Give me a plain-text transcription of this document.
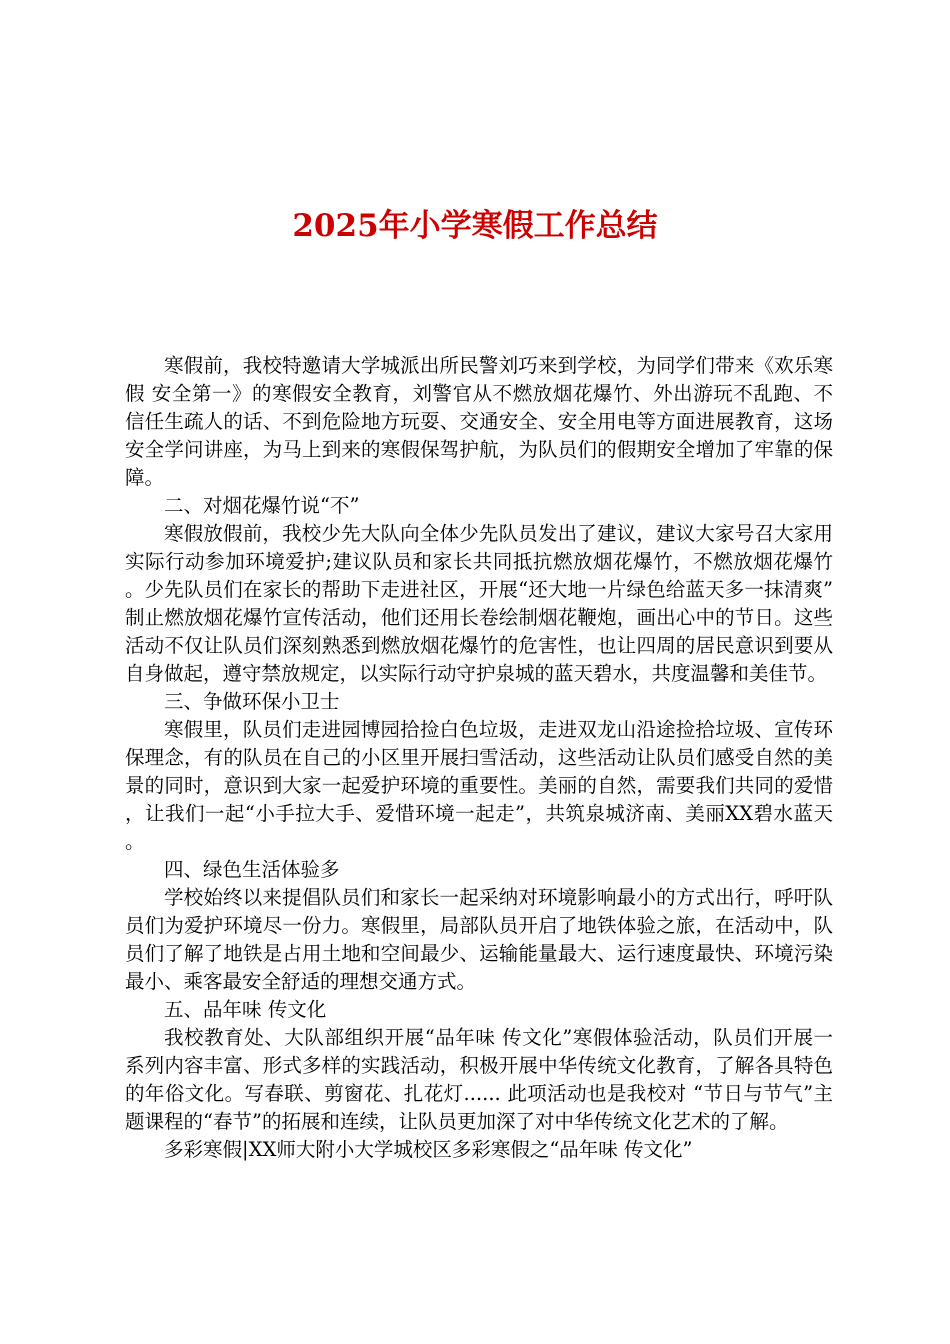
2025年小学寒假工作总结

寒假前，我校特邀请大学城派出所民警刘巧来到学校，为同学们带来《欢乐寒假 安全第一》的寒假安全教育，刘警官从不燃放烟花爆竹、外出游玩不乱跑、不信任生疏人的话、不到危险地方玩耍、交通安全、安全用电等方面进展教育，这场安全学问讲座，为马上到来的寒假保驾护航，为队员们的假期安全增加了牢靠的保障。

二、对烟花爆竹说“不”

寒假放假前，我校少先大队向全体少先队员发出了建议，建议大家号召大家用实际行动参加环境爱护;建议队员和家长共同抵抗燃放烟花爆竹，不燃放烟花爆竹。少先队员们在家长的帮助下走进社区，开展“还大地一片绿色给蓝天多一抹清爽”制止燃放烟花爆竹宣传活动，他们还用长卷绘制烟花鞭炮，画出心中的节日。这些活动不仅让队员们深刻熟悉到燃放烟花爆竹的危害性，也让四周的居民意识到要从自身做起，遵守禁放规定，以实际行动守护泉城的蓝天碧水，共度温馨和美佳节。

三、争做环保小卫士

寒假里，队员们走进园博园拾捡白色垃圾，走进双龙山沿途捡拾垃圾、宣传环保理念，有的队员在自己的小区里开展扫雪活动，这些活动让队员们感受自然的美景的同时，意识到大家一起爱护环境的重要性。美丽的自然，需要我们共同的爱惜，让我们一起“小手拉大手、爱惜环境一起走”，共筑泉城济南、美丽XX碧水蓝天。

四、绿色生活体验多

学校始终以来提倡队员们和家长一起采纳对环境影响最小的方式出行，呼吁队员们为爱护环境尽一份力。寒假里，局部队员开启了地铁体验之旅，在活动中，队员们了解了地铁是占用土地和空间最少、运输能量最大、运行速度最快、环境污染最小、乘客最安全舒适的理想交通方式。

五、品年味 传文化

我校教育处、大队部组织开展“品年味 传文化”寒假体验活动，队员们开展一系列内容丰富、形式多样的实践活动，积极开展中华传统文化教育，了解各具特色的年俗文化。写春联、剪窗花、扎花灯...... 此项活动也是我校对 “节日与节气”主题课程的“春节”的拓展和连续，让队员更加深了对中华传统文化艺术的了解。

多彩寒假|XX师大附小大学城校区多彩寒假之“品年味 传文化”
